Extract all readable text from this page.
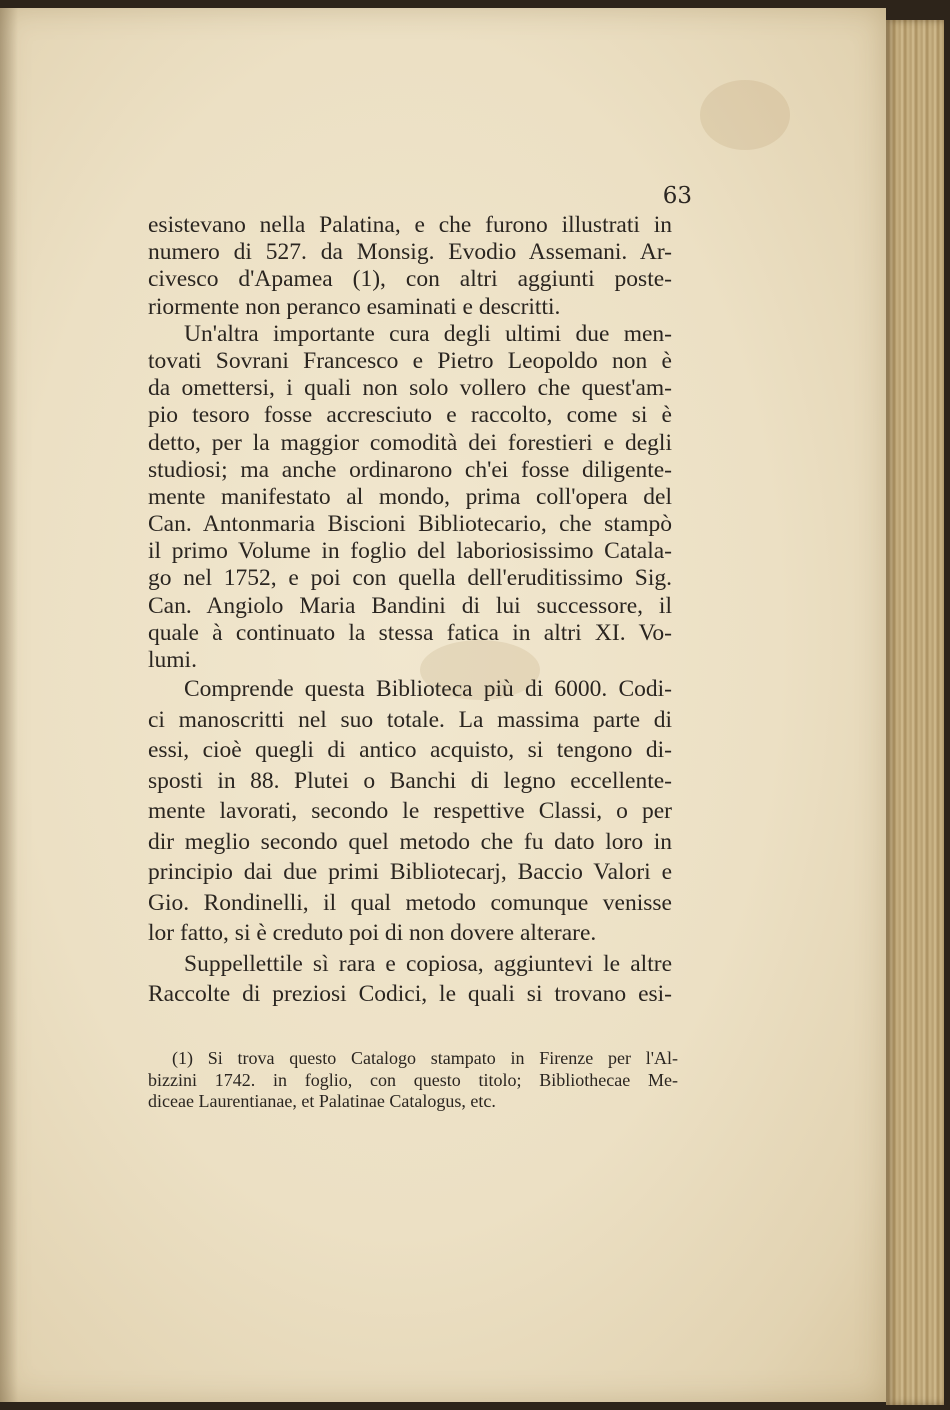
63
esistevano nella Palatina, e che furono illustrati in
numero di 527. da Monsig. Evodio Assemani. Ar-
civesco d'Apamea (1), con altri aggiunti poste-
riormente non peranco esaminati e descritti.
Un'altra importante cura degli ultimi due men-
tovati Sovrani Francesco e Pietro Leopoldo non è
da omettersi, i quali non solo vollero che quest'am-
pio tesoro fosse accresciuto e raccolto, come si è
detto, per la maggior comodità dei forestieri e degli
studiosi; ma anche ordinarono ch'ei fosse diligente-
mente manifestato al mondo, prima coll'opera del
Can. Antonmaria Biscioni Bibliotecario, che stampò
il primo Volume in foglio del laboriosissimo Catala-
go nel 1752, e poi con quella dell'eruditissimo Sig.
Can. Angiolo Maria Bandini di lui successore, il
quale à continuato la stessa fatica in altri XI. Vo-
lumi.
Comprende questa Biblioteca più di 6000. Codi-
ci manoscritti nel suo totale. La massima parte di
essi, cioè quegli di antico acquisto, si tengono di-
sposti in 88. Plutei o Banchi di legno eccellente-
mente lavorati, secondo le respettive Classi, o per
dir meglio secondo quel metodo che fu dato loro in
principio dai due primi Bibliotecarj, Baccio Valori e
Gio. Rondinelli, il qual metodo comunque venisse
lor fatto, si è creduto poi di non dovere alterare.
Suppellettile sì rara e copiosa, aggiuntevi le altre
Raccolte di preziosi Codici, le quali si trovano esi-
(1) Si trova questo Catalogo stampato in Firenze per l'Al-
bizzini 1742. in foglio, con questo titolo; Bibliothecae Me-
diceae Laurentianae, et Palatinae Catalogus, etc.
